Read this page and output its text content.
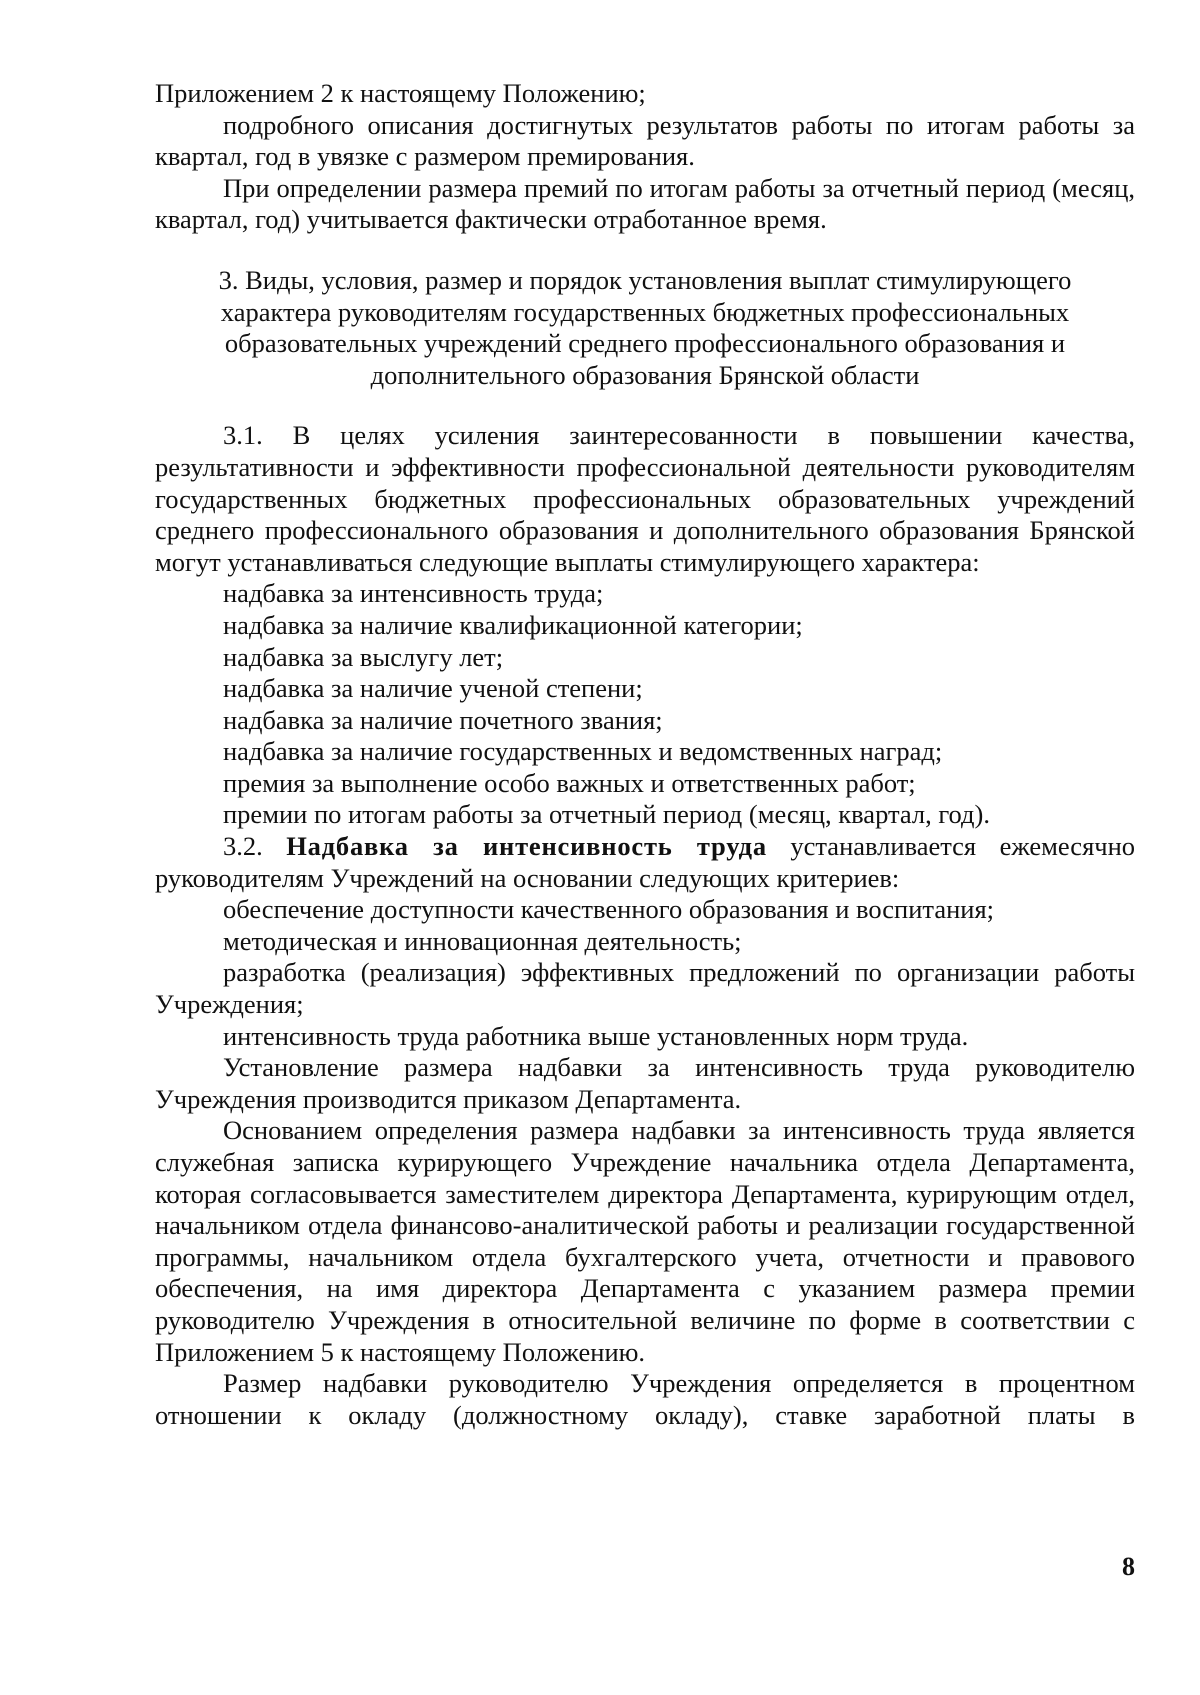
Приложением 2 к настоящему Положению;

подробного описания достигнутых результатов работы по итогам работы за квартал, год в увязке с размером премирования.

При определении размера премий по итогам работы за отчетный период (месяц, квартал, год) учитывается фактически отработанное время.

3. Виды, условия, размер и порядок установления выплат стимулирующего
характера руководителям государственных бюджетных профессиональных
образовательных учреждений среднего профессионального образования и
дополнительного образования Брянской области

3.1. В целях усиления заинтересованности в повышении качества, результативности и эффективности профессиональной деятельности руководителям государственных бюджетных профессиональных образовательных учреждений среднего профессионального образования и дополнительного образования Брянской могут устанавливаться следующие выплаты стимулирующего характера:

надбавка за интенсивность труда;

надбавка за наличие квалификационной категории;

надбавка за выслугу лет;

надбавка за наличие ученой степени;

надбавка за наличие почетного звания;

надбавка за наличие государственных и ведомственных наград;

премия за выполнение особо важных и ответственных работ;

премии по итогам работы за отчетный период (месяц, квартал, год).

3.2. Надбавка за интенсивность труда устанавливается ежемесячно руководителям Учреждений на основании следующих критериев:

обеспечение доступности качественного образования и воспитания;

методическая и инновационная деятельность;

разработка (реализация) эффективных предложений по организации работы Учреждения;

интенсивность труда работника выше установленных норм труда.

Установление размера надбавки за интенсивность труда руководителю Учреждения производится приказом Департамента.

Основанием определения размера надбавки за интенсивность труда является служебная записка курирующего Учреждение начальника отдела Департамента, которая согласовывается заместителем директора Департамента, курирующим отдел, начальником отдела финансово-аналитической работы и реализации государственной программы, начальником отдела бухгалтерского учета, отчетности и правового обеспечения, на имя директора Департамента с указанием размера премии руководителю Учреждения в относительной величине по форме в соответствии с Приложением 5 к настоящему Положению.

Размер надбавки руководителю Учреждения определяется в процентном отношении к окладу (должностному окладу), ставке заработной платы в

8
